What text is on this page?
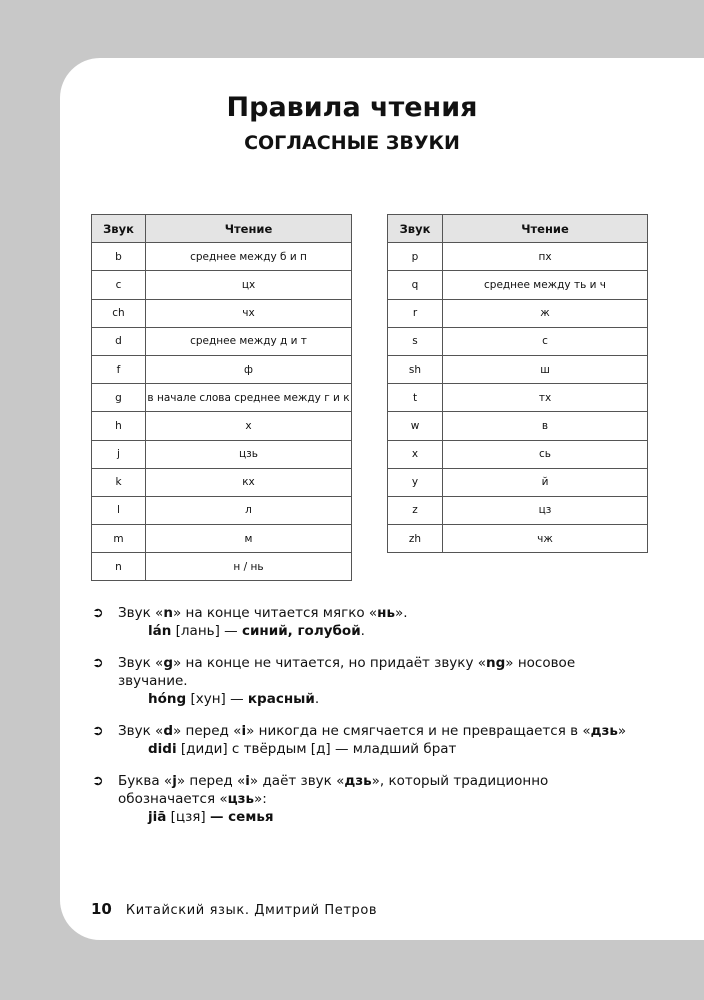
Правила чтения
СОГЛАСНЫЕ ЗВУКИ
Звук	Чтение
b	среднее между б и п
c	цх
ch	чх
d	среднее между д и т
f	ф
g	в начале слова среднее между г и к
h	х
j	цзь
k	кх
l	л
m	м
n	н / нь
Звук	Чтение
p	пх
q	среднее между ть и ч
r	ж
s	с
sh	ш
t	тх
w	в
x	сь
y	й
z	цз
zh	чж
➲ Звук «n» на конце читается мягко «нь».
lán [лань] — синий, голубой.
➲ Звук «g» на конце не читается, но придаёт звуку «ng» носовое звучание.
hóng [хун] — красный.
➲ Звук «d» перед «i» никогда не смягчается и не превращается в «дзь»
didi [диди] с твёрдым [д] — младший брат
➲ Буква «j» перед «i» даёт звук «дзь», который традиционно обозначается «цзь»:
jiā [цзя] — семья
10 Китайский язык. Дмитрий Петров
